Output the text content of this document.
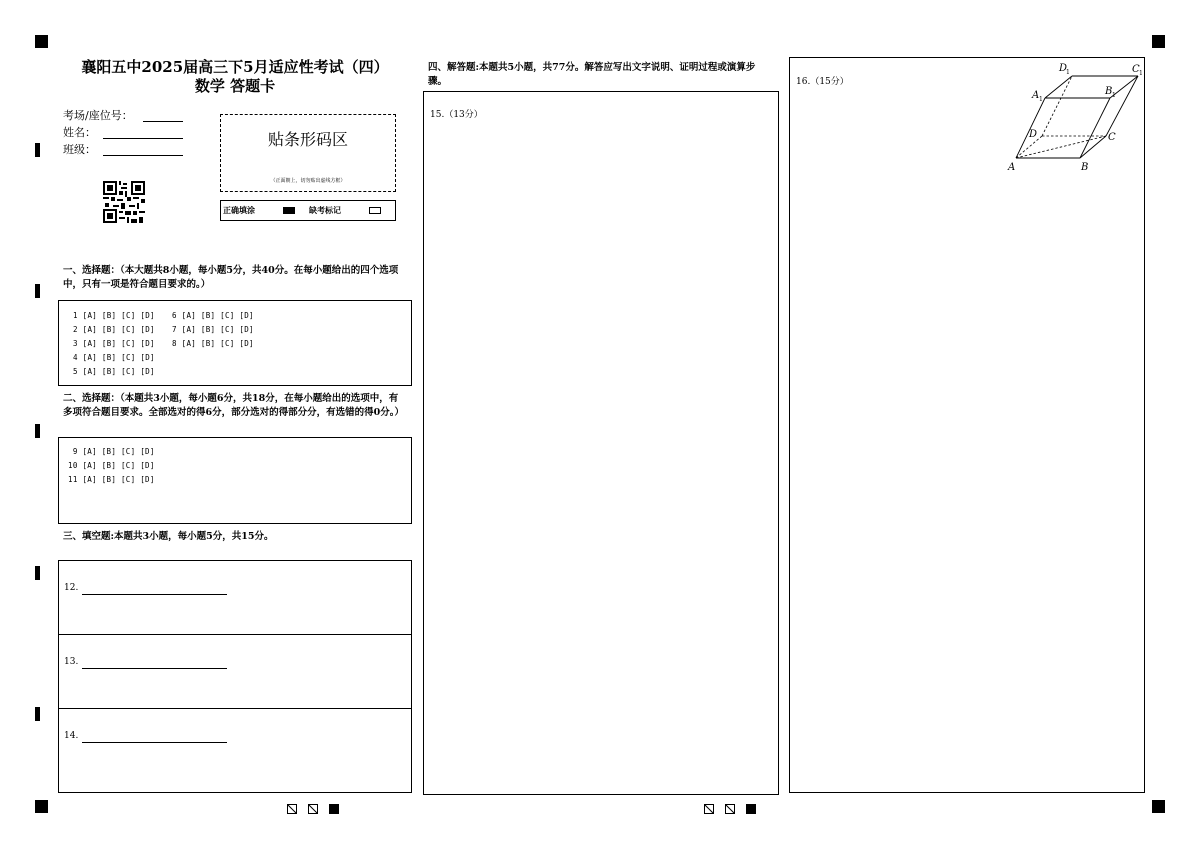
襄阳五中2025届高三下5月适应性考试（四）
数学 答题卡
考场/座位号：
姓名：
班级：
贴条形码区
（正面朝上，切勿贴出虚线方框）
正确填涂	缺考标记
一、选择题：（本大题共8小题，每小题5分，共40分。在每小题给出的四个选项中，只有一项是符合题目要求的。）
1 [A] [B] [C] [D] 6 [A] [B] [C] [D]
2 [A] [B] [C] [D] 7 [A] [B] [C] [D]
3 [A] [B] [C] [D] 8 [A] [B] [C] [D]
4 [A] [B] [C] [D]
5 [A] [B] [C] [D]
二、选择题：（本题共3小题，每小题6分，共18分，在每小题给出的选项中，有多项符合题目要求。全部选对的得6分，部分选对的得部分分，有选错的得0分。）
9 [A] [B] [C] [D]
10 [A] [B] [C] [D]
11 [A] [B] [C] [D]
三、填空题:本题共3小题，每小题5分，共15分。
12.
13.
14.
四、解答题:本题共5小题，共77分。解答应写出文字说明、证明过程或演算步骤。
15.（13分）
16.（15分）
A	B
C
D
A 1
B 1
C 1
D
1
